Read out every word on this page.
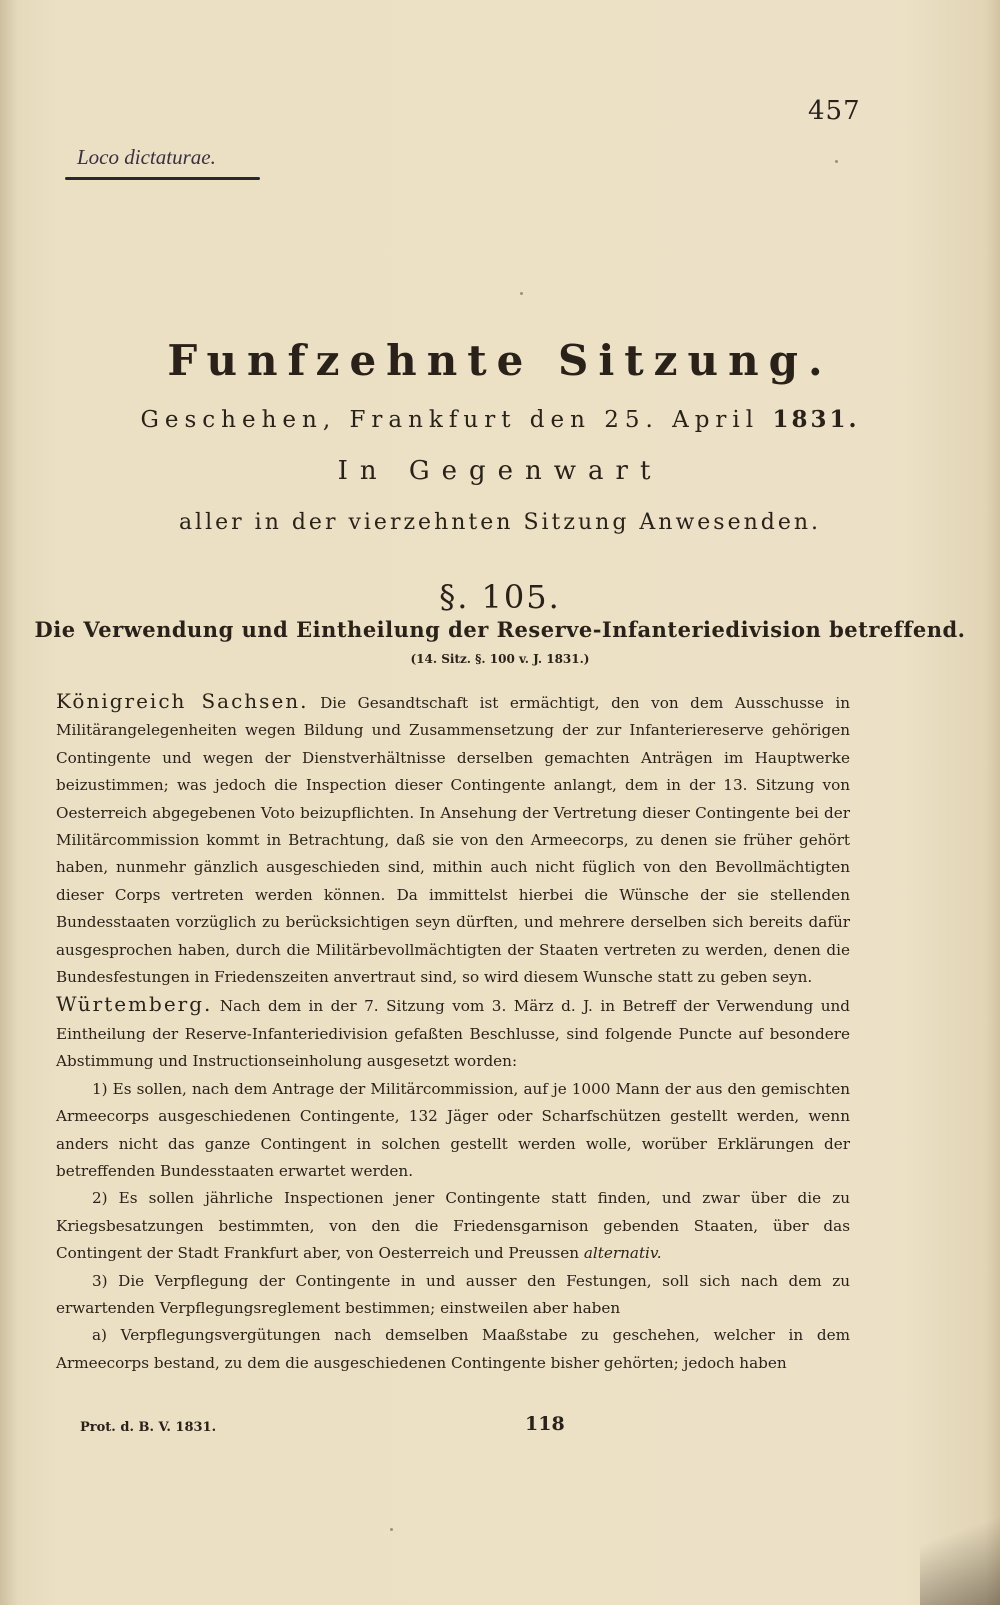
457
Loco dictaturae.
Funfzehnte Sitzung.
Geschehen, Frankfurt den 25. April 1831.
In Gegenwart
aller in der vierzehnten Sitzung Anwesenden.
§. 105.
Die Verwendung und Eintheilung der Reserve-Infanteriedivision betreffend.
(14. Sitz. §. 100 v. J. 1831.)

Königreich Sachsen. Die Gesandtschaft ist ermächtigt, den von dem Ausschusse in Militärangelegenheiten wegen Bildung und Zusammensetzung der zur Infanteriereserve gehörigen Contingente und wegen der Dienstverhältnisse derselben gemachten Anträgen im Hauptwerke beizustimmen; was jedoch die Inspection dieser Contingente anlangt, dem in der 13. Sitzung von Oesterreich abgegebenen Voto beizupflichten. In Ansehung der Vertretung dieser Contingente bei der Militärcommission kommt in Betrachtung, daß sie von den Armeecorps, zu denen sie früher gehört haben, nunmehr gänzlich ausgeschieden sind, mithin auch nicht füglich von den Bevollmächtigten dieser Corps vertreten werden können. Da immittelst hierbei die Wünsche der sie stellenden Bundesstaaten vorzüglich zu berücksichtigen seyn dürften, und mehrere derselben sich bereits dafür ausgesprochen haben, durch die Militärbevollmächtigten der Staaten vertreten zu werden, denen die Bundesfestungen in Friedenszeiten anvertraut sind, so wird diesem Wunsche statt zu geben seyn.

Würtemberg. Nach dem in der 7. Sitzung vom 3. März d. J. in Betreff der Verwendung und Eintheilung der Reserve-Infanteriedivision gefaßten Beschlusse, sind folgende Puncte auf besondere Abstimmung und Instructionseinholung ausgesetzt worden:

1) Es sollen, nach dem Antrage der Militärcommission, auf je 1000 Mann der aus den gemischten Armeecorps ausgeschiedenen Contingente, 132 Jäger oder Scharfschützen gestellt werden, wenn anders nicht das ganze Contingent in solchen gestellt werden wolle, worüber Erklärungen der betreffenden Bundesstaaten erwartet werden.

2) Es sollen jährliche Inspectionen jener Contingente statt finden, und zwar über die zu Kriegsbesatzungen bestimmten, von den die Friedensgarnison gebenden Staaten, über das Contingent der Stadt Frankfurt aber, von Oesterreich und Preussen alternativ.

3) Die Verpflegung der Contingente in und ausser den Festungen, soll sich nach dem zu erwartenden Verpflegungsreglement bestimmen; einstweilen aber haben

a) Verpflegungsvergütungen nach demselben Maaßstabe zu geschehen, welcher in dem Armeecorps bestand, zu dem die ausgeschiedenen Contingente bisher gehörten; jedoch haben

Prot. d. B. V. 1831.	118
